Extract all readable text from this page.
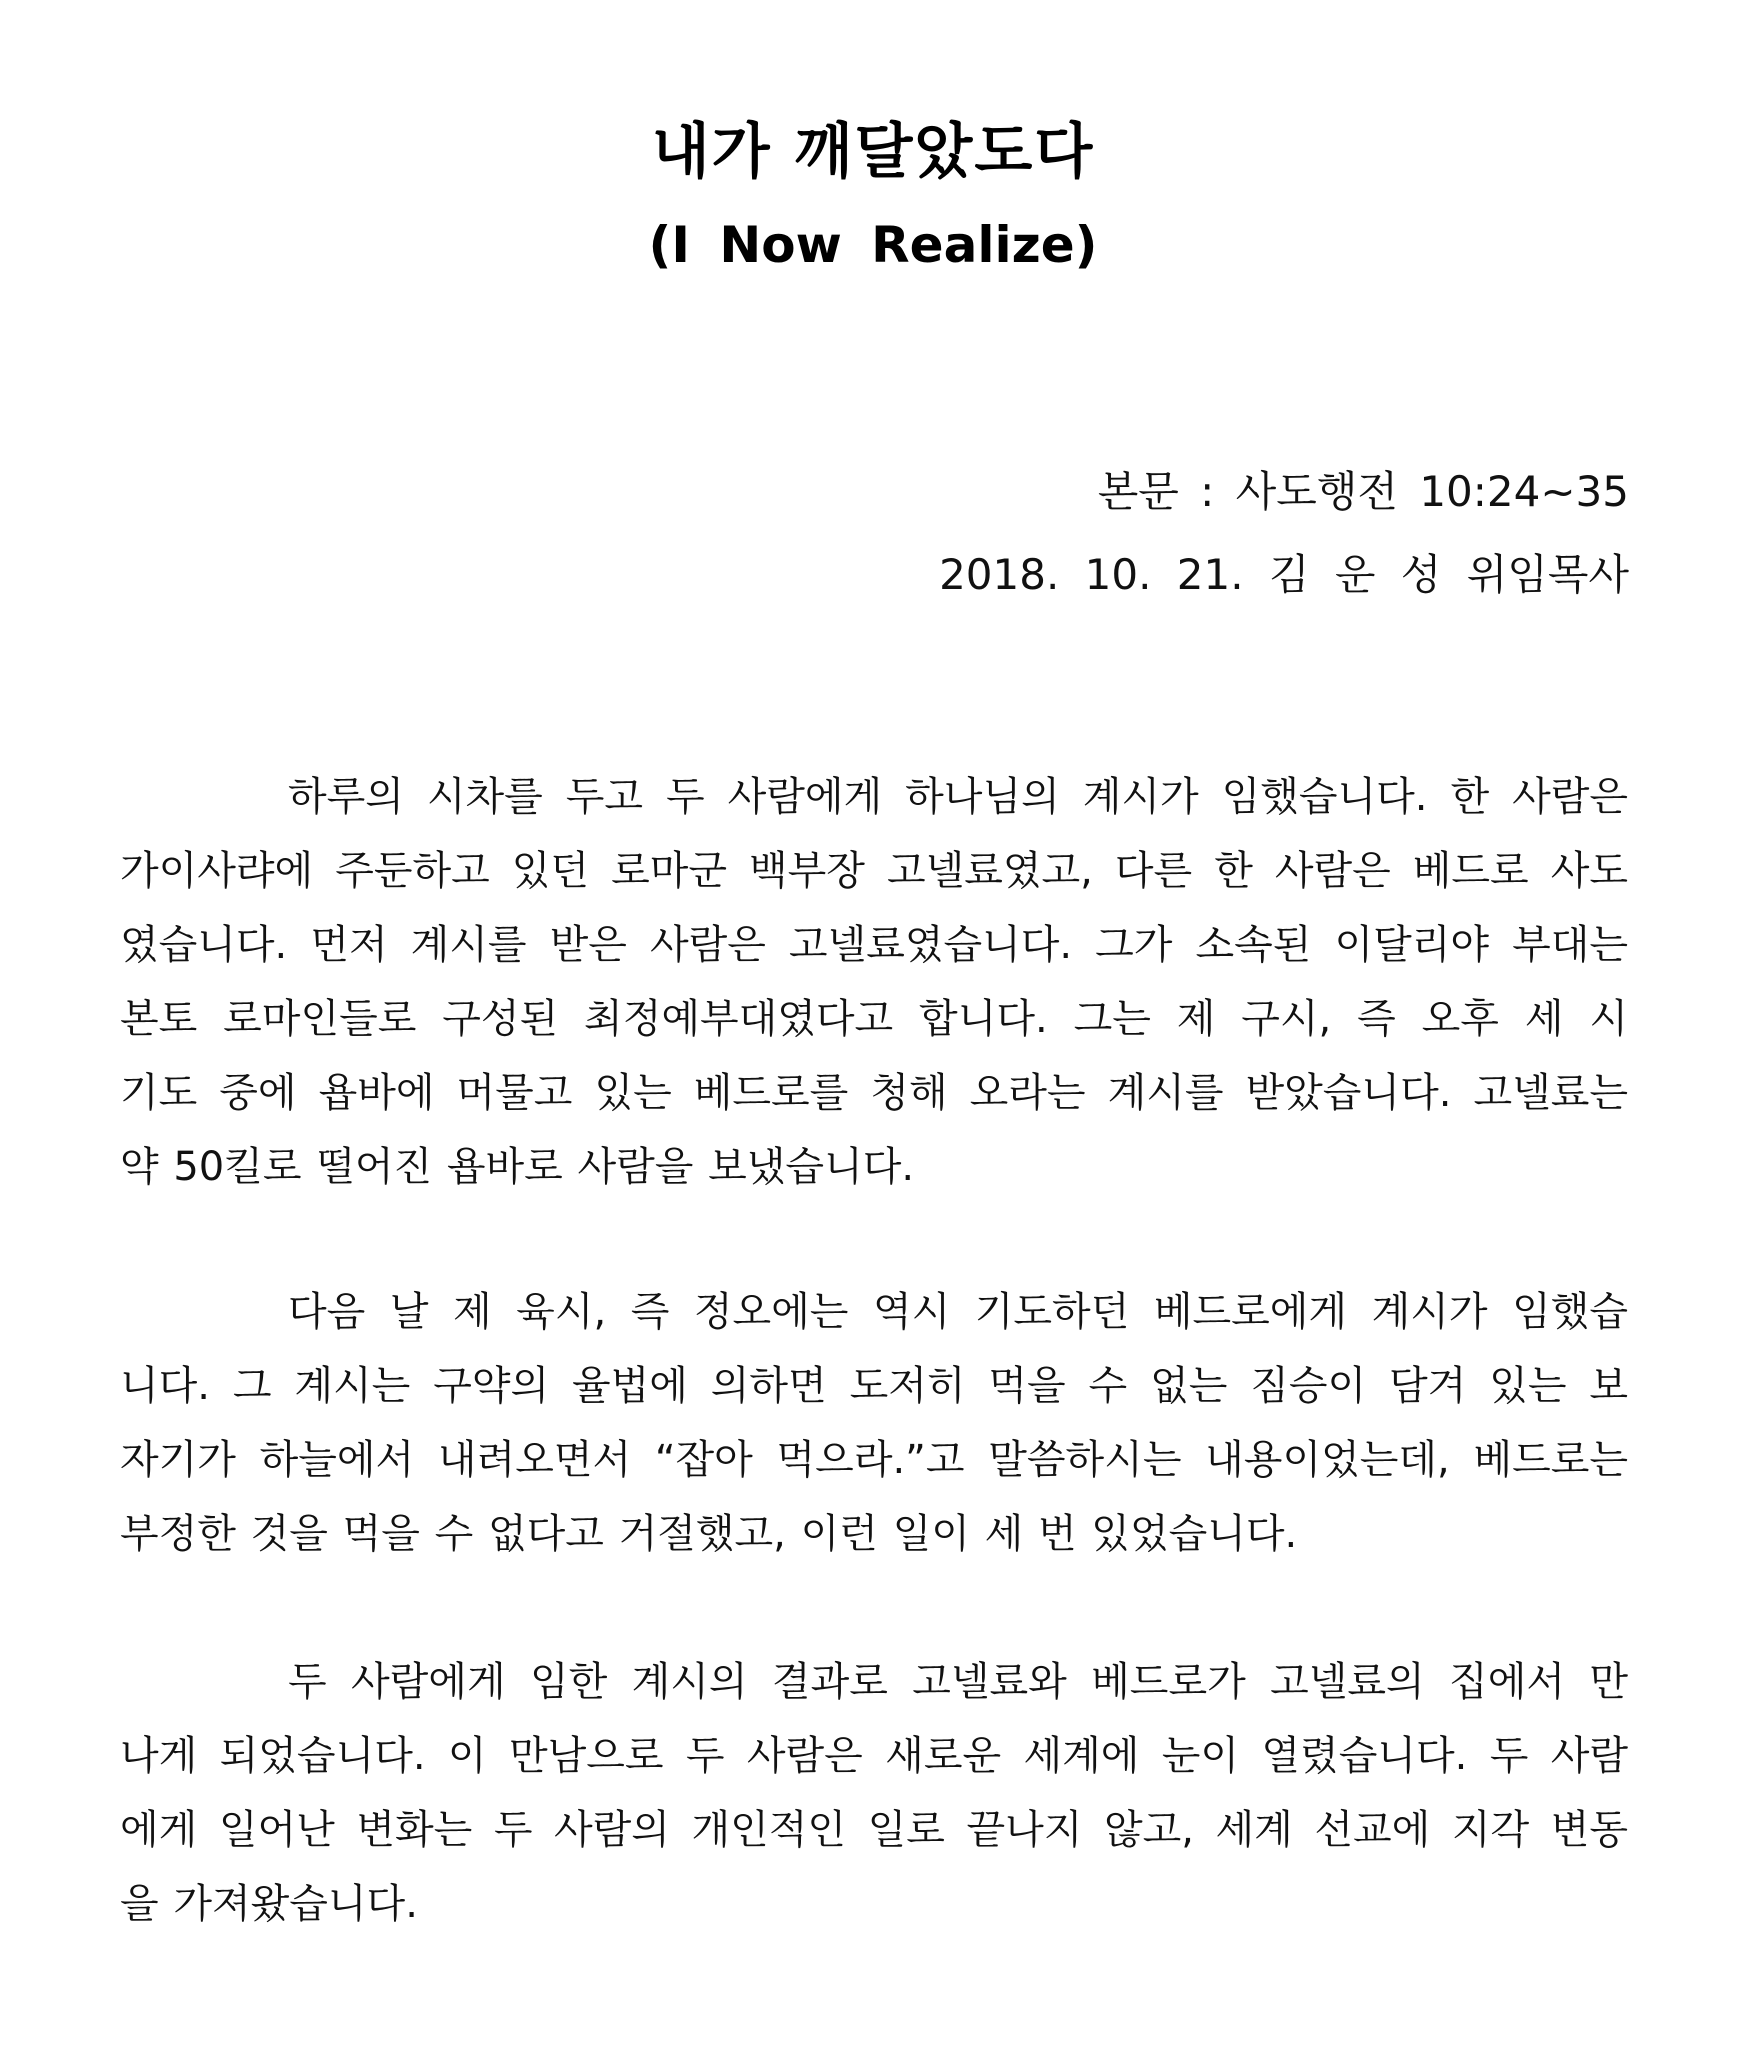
내가 깨달았도다
(I Now Realize)

본문 : 사도행전 10:24~35

2018. 10. 21. 김 운 성 위임목사

하루의 시차를 두고 두 사람에게 하나님의 계시가 임했습니다. 한 사람은
가이사랴에 주둔하고 있던 로마군 백부장 고넬료였고, 다른 한 사람은 베드로 사도
였습니다. 먼저 계시를 받은 사람은 고넬료였습니다. 그가 소속된 이달리야 부대는
본토 로마인들로 구성된 최정예부대였다고 합니다. 그는 제 구시, 즉 오후 세 시
기도 중에 욥바에 머물고 있는 베드로를 청해 오라는 계시를 받았습니다. 고넬료는
약 50킬로 떨어진 욥바로 사람을 보냈습니다.
다음 날 제 육시, 즉 정오에는 역시 기도하던 베드로에게 계시가 임했습
니다. 그 계시는 구약의 율법에 의하면 도저히 먹을 수 없는 짐승이 담겨 있는 보
자기가 하늘에서 내려오면서 “잡아 먹으라.”고 말씀하시는 내용이었는데, 베드로는
부정한 것을 먹을 수 없다고 거절했고, 이런 일이 세 번 있었습니다.
두 사람에게 임한 계시의 결과로 고넬료와 베드로가 고넬료의 집에서 만
나게 되었습니다. 이 만남으로 두 사람은 새로운 세계에 눈이 열렸습니다. 두 사람
에게 일어난 변화는 두 사람의 개인적인 일로 끝나지 않고, 세계 선교에 지각 변동
을 가져왔습니다.
